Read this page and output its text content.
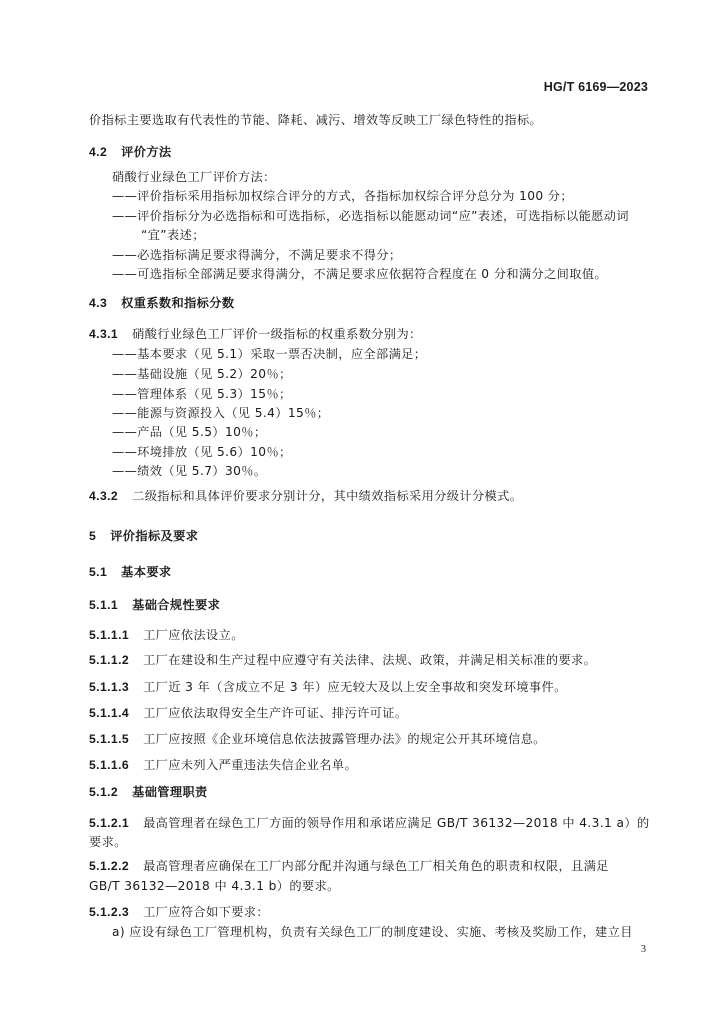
HG/T 6169—2023
价指标主要选取有代表性的节能、降耗、减污、增效等反映工厂绿色特性的指标。
4.2 评价方法
硝酸行业绿色工厂评价方法：
——评价指标采用指标加权综合评分的方式，各指标加权综合评分总分为 100 分；
——评价指标分为必选指标和可选指标，必选指标以能愿动词“应”表述，可选指标以能愿动词
“宜”表述；
——必选指标满足要求得满分，不满足要求不得分；
——可选指标全部满足要求得满分，不满足要求应依据符合程度在 0 分和满分之间取值。
4.3 权重系数和指标分数
4.3.1 硝酸行业绿色工厂评价一级指标的权重系数分别为：
——基本要求（见 5.1）采取一票否决制，应全部满足；
——基础设施（见 5.2）20％；
——管理体系（见 5.3）15％；
——能源与资源投入（见 5.4）15％；
——产品（见 5.5）10％；
——环境排放（见 5.6）10％；
——绩效（见 5.7）30％。
4.3.2 二级指标和具体评价要求分别计分，其中绩效指标采用分级计分模式。
5 评价指标及要求
5.1 基本要求
5.1.1 基础合规性要求
5.1.1.1 工厂应依法设立。
5.1.1.2 工厂在建设和生产过程中应遵守有关法律、法规、政策，并满足相关标准的要求。
5.1.1.3 工厂近 3 年（含成立不足 3 年）应无较大及以上安全事故和突发环境事件。
5.1.1.4 工厂应依法取得安全生产许可证、排污许可证。
5.1.1.5 工厂应按照《企业环境信息依法披露管理办法》的规定公开其环境信息。
5.1.1.6 工厂应未列入严重违法失信企业名单。
5.1.2 基础管理职责
5.1.2.1 最高管理者在绿色工厂方面的领导作用和承诺应满足 GB/T 36132—2018 中 4.3.1 a）的
要求。
5.1.2.2 最高管理者应确保在工厂内部分配并沟通与绿色工厂相关角色的职责和权限，且满足
GB/T 36132—2018 中 4.3.1 b）的要求。
5.1.2.3 工厂应符合如下要求：
a) 应设有绿色工厂管理机构，负责有关绿色工厂的制度建设、实施、考核及奖励工作，建立目
3
